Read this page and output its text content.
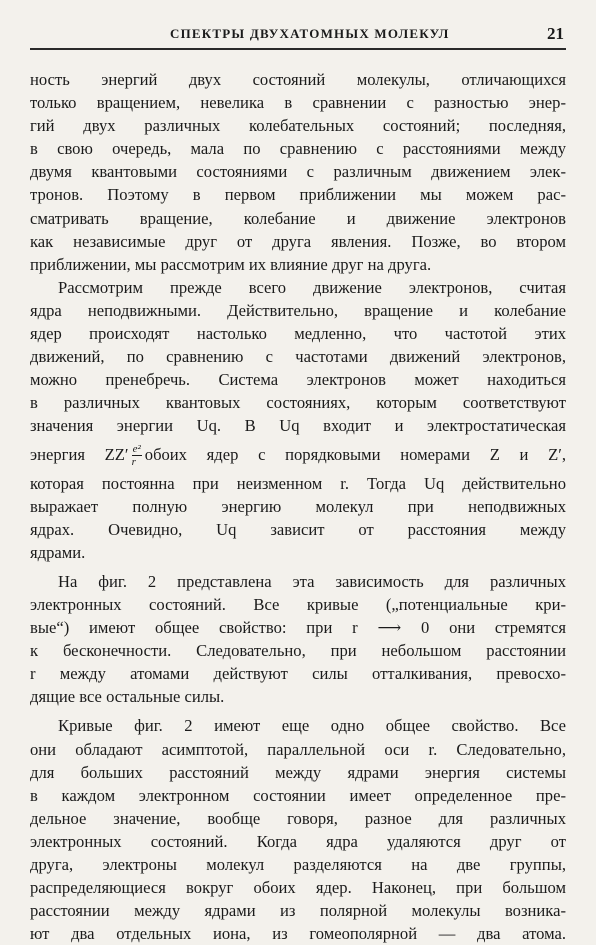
СПЕКТРЫ ДВУХАТОМНЫХ МОЛЕКУЛ	21
ность энергий двух состояний молекулы, отличающихся
только вращением, невелика в сравнении с разностью энер-
гий двух различных колебательных состояний; последняя,
в свою очередь, мала по сравнению с расстояниями между
двумя квантовыми состояниями с различным движением элек-
тронов. Поэтому в первом приближении мы можем рас-
сматривать вращение, колебание и движение электронов
как независимые друг от друга явления. Позже, во втором
приближении, мы рассмотрим их влияние друг на друга.
Рассмотрим прежде всего движение электронов, считая
ядра неподвижными. Действительно, вращение и колебание
ядер происходят настолько медленно, что частотой этих
движений, по сравнению с частотами движений электронов,
можно пренебречь. Система электронов может находиться
в различных квантовых состояниях, которым соответствуют
значения энергии Uq. В Uq входит и электростатическая
энергия $ZZ' \frac{\text{e²}}{r}$ обоих ядер с порядковыми номерами Z и Z′,
которая постоянна при неизменном r. Тогда Uq действительно
выражает полную энергию молекул при неподвижных
ядрах. Очевидно, Uq зависит от расстояния между
ядрами.
На фиг. 2 представлена эта зависимость для различных
электронных состояний. Все кривые („потенциальные кри-
вые“) имеют общее свойство: при r ⟶ 0 они стремятся
к бесконечности. Следовательно, при небольшом расстоянии
r между атомами действуют силы отталкивания, превосхо-
дящие все остальные силы.
Кривые фиг. 2 имеют еще одно общее свойство. Все
они обладают асимптотой, параллельной оси r. Следовательно,
для больших расстояний между ядрами энергия системы
в каждом электронном состоянии имеет определенное пре-
дельное значение, вообще говоря, разное для различных
электронных состояний. Когда ядра удаляются друг от
друга, электроны молекул разделяются на две группы,
распределяющиеся вокруг обоих ядер. Наконец, при большом
расстоянии между ядрами из полярной молекулы возника-
ют два отдельных иона, из гомеополярной — два атома.
